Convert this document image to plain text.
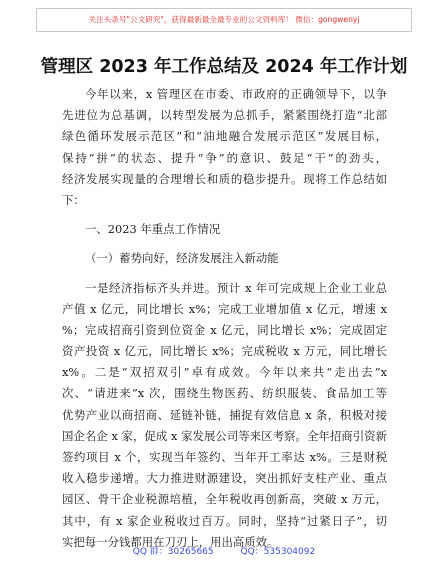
关注头条号"公文研究"，获得最新最全最专业的公文资料库！ 微信：gongwenyj
管理区 2023 年工作总结及 2024 年工作计划
今年以来，x 管理区在市委、市政府的正确领导下，以争
先进位为总基调，以转型发展为总抓手，紧紧围绕打造“北部
绿色循环发展示范区”和“油地融合发展示范区”发展目标，
保持“拼”的状态、提升“争”的意识、鼓足“干”的劲头，
经济发展实现量的合理增长和质的稳步提升。现将工作总结如
下：
一、2023 年重点工作情况
（一）蓄势向好，经济发展注入新动能
一是经济指标齐头并进。预计 x 年可完成规上企业工业总
产值 x 亿元，同比增长 x%；完成工业增加值 x 亿元，增速 x
%；完成招商引资到位资金 x 亿元，同比增长 x%；完成固定
资产投资 x 亿元，同比增长 x%；完成税收 x 万元，同比增长
x%。二是“双招双引”卓有成效。今年以来共“走出去”x
次、“请进来”x 次，围绕生物医药、纺织服装、食品加工等
优势产业以商招商、延链补链，捕捉有效信息 x 条，积极对接
国企名企 x 家，促成 x 家发展公司等来区考察。全年招商引资新
签约项目 x 个，实现当年签约、当年开工率达 x%。三是财税
收入稳步递增。大力推进财源建设，突出抓好支柱产业、重点
园区、骨干企业税源培植，全年税收再创新高，突破 x 万元，
其中，有 x 家企业税收过百万。同时，坚持“过紧日子”，切
实把每一分钱都用在刀刃上，用出高质效。
QQ 群：30265665	QQ：535304092
